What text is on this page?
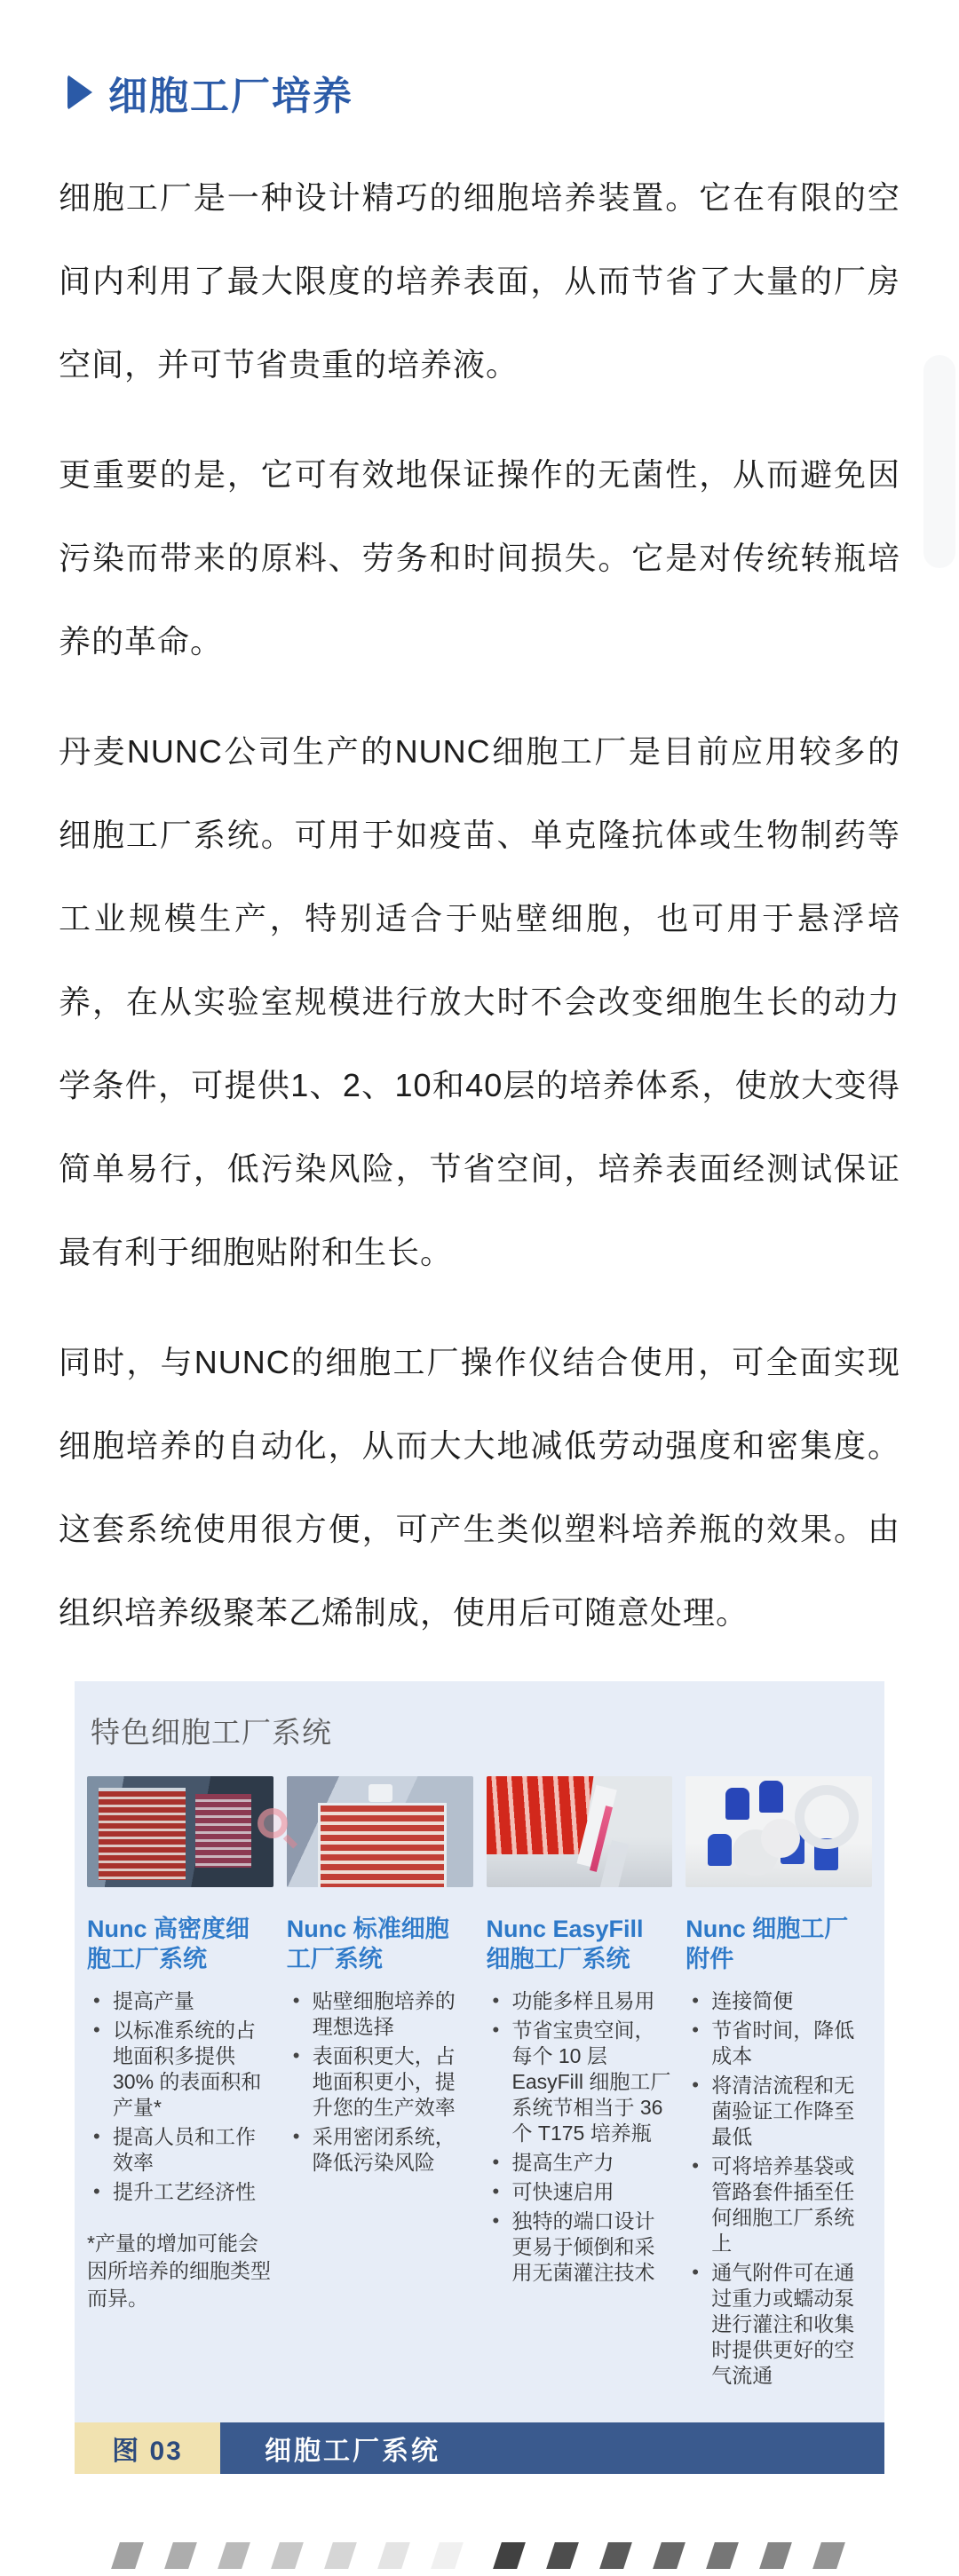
细胞工厂培养

细胞工厂是一种设计精巧的细胞培养装置。它在有限的空间内利用了最大限度的培养表面，从而节省了大量的厂房空间，并可节省贵重的培养液。

更重要的是，它可有效地保证操作的无菌性，从而避免因污染而带来的原料、劳务和时间损失。它是对传统转瓶培养的革命。

丹麦NUNC公司生产的NUNC细胞工厂是目前应用较多的细胞工厂系统。可用于如疫苗、单克隆抗体或生物制药等工业规模生产，特别适合于贴壁细胞，也可用于悬浮培养，在从实验室规模进行放大时不会改变细胞生长的动力学条件，可提供1、2、10和40层的培养体系，使放大变得简单易行，低污染风险，节省空间，培养表面经测试保证最有利于细胞贴附和生长。

同时，与NUNC的细胞工厂操作仪结合使用，可全面实现细胞培养的自动化，从而大大地减低劳动强度和密集度。这套系统使用很方便，可产生类似塑料培养瓶的效果。由组织培养级聚苯乙烯制成，使用后可随意处理。

特色细胞工厂系统
Nunc 高密度细胞工厂系统
• 提高产量
• 以标准系统的占地面积多提供 30% 的表面积和产量*
• 提高人员和工作效率
• 提升工艺经济性

*产量的增加可能会因所培养的细胞类型而异。

Nunc 标准细胞工厂系统
• 贴壁细胞培养的理想选择
• 表面积更大，占地面积更小，提升您的生产效率
• 采用密闭系统，降低污染风险
Nunc EasyFill 细胞工厂系统
• 功能多样且易用
• 节省宝贵空间，每个 10 层 EasyFill 细胞工厂系统节相当于 36 个 T175 培养瓶
• 提高生产力
• 可快速启用
• 独特的端口设计更易于倾倒和采用无菌灌注技术
Nunc 细胞工厂附件
• 连接简便
• 节省时间，降低成本
• 将清洁流程和无菌验证工作降至最低
• 可将培养基袋或管路套件插至任何细胞工厂系统上
• 通气附件可在通过重力或蠕动泵进行灌注和收集时提供更好的空气流通
图 03	细胞工厂系统
